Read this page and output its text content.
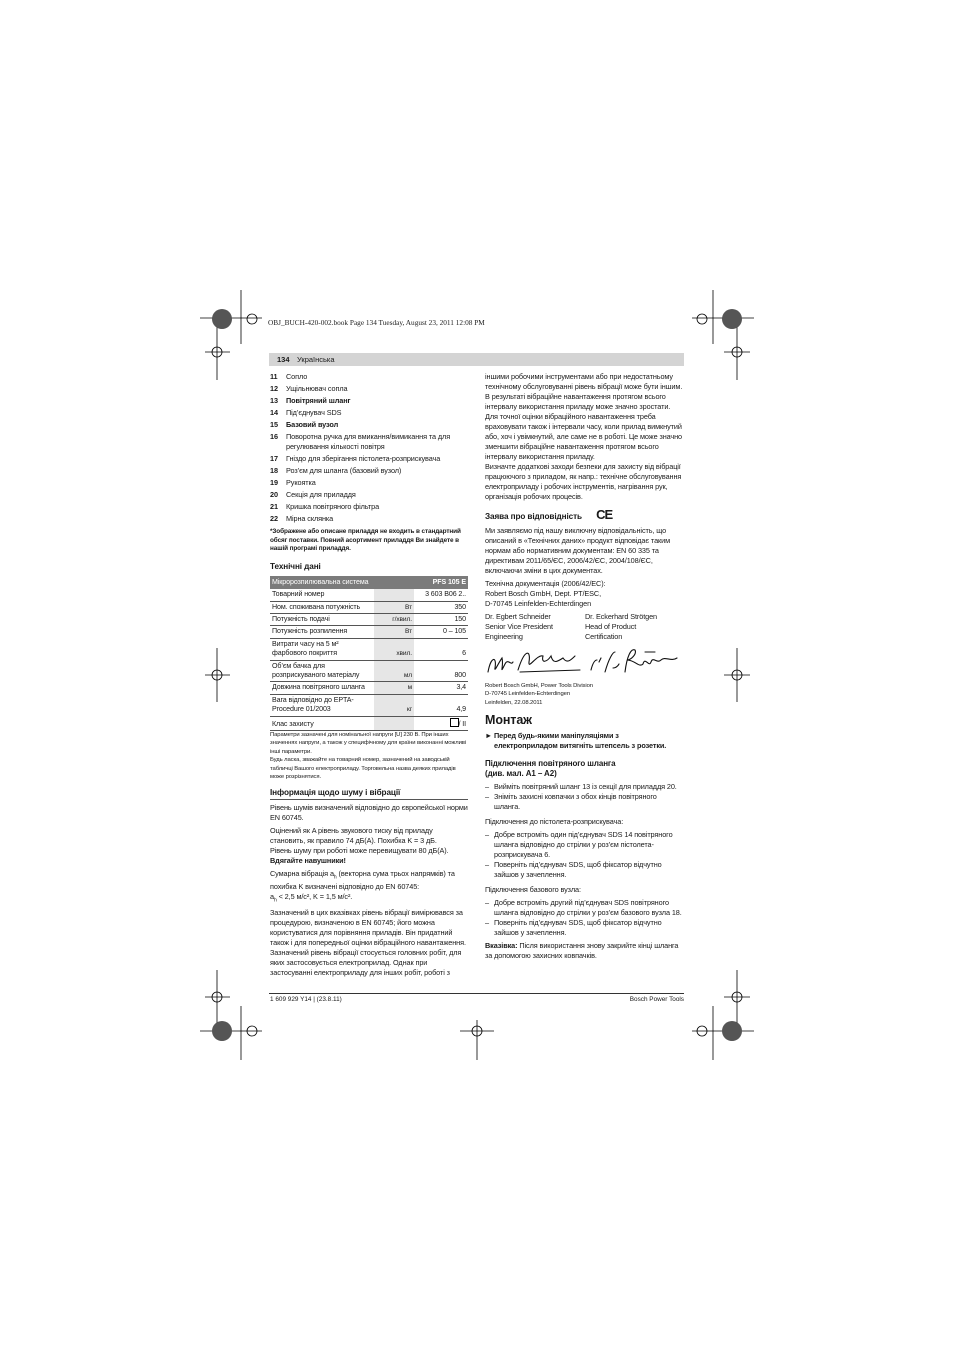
OBJ_BUCH-420-002.book Page 134 Tuesday, August 23, 2011 12:08 PM
134 Українська
11	Сопло
12	Ущільнювач сопла
13	Повітряний шланг
14	Під’єднувач SDS
15	Базовий вузол
16	Поворотна ручка для вмикання/вимикання та для регулювання кількості повітря
17	Гніздо для зберігання пістолета-розприскувача
18	Роз’єм для шланга (базовий вузол)
19	Рукоятка
20	Секція для приладдя
21	Кришка повітряного фільтра
22	Мірна склянка
*Зображене або описане приладдя не входить в стандартний обсяг поставки. Повний асортимент приладдя Ви знайдете в нашій програмі приладдя.
Технічні дані
Мікророзпилювальна система		PFS 105 E
Товарний номер		3 603 B06 2..
Ном. споживана потужність	Вт	350
Потужність подачі	г/хвил.	150
Потужність розпилення	Вт	0 – 105
Витрати часу на 5 м² фарбового покриття	хвил.	6
Об’єм бачка для розприскуваного матеріалу	мл	800
Довжина повітряного шланга	м	3,4
Вага відповідно до EPTA-Procedure 01/2003	кг	4,9
Клас захисту		/ II
Параметри зазначені для номінальної напруги [U] 230 В. При інших значеннях напруги, а також у специфічному для країни виконанні можливі інші параметри.
Будь ласка, зважайте на товарний номер, зазначений на заводській табличці Вашого електроприладу. Торговельна назва деяких приладів може розрізнятися.
Інформація щодо шуму і вібрації

Рівень шумів визначений відповідно до європейської норми EN 60745.

Оцінений як A рівень звукового тиску від приладу становить, як правило 74 дБ(A). Похибка K = 3 дБ.

Рівень шуму при роботі може перевищувати 80 дБ(A).

Вдягайте навушники!

Сумарна вібрація $a_h$ (векторна сума трьох напрямків) та похибка K визначені відповідно до EN 60745:

$a_h < 2,5$ м/с², K = 1,5 м/с².

Зазначений в цих вказівках рівень вібрації вимірювався за процедурою, визначеною в EN 60745; його можна користуватися для порівняння приладів. Він придатний також і для попередньої оцінки вібраційного навантаження.

Зазначений рівень вібрації стосується головних робіт, для яких застосовується електроприлад. Однак при застосуванні електроприладу для інших робіт, роботі з

іншими робочими інструментами або при недостатньому технічному обслуговуванні рівень вібрації може бути іншим. В результаті вібраційне навантаження протягом всього інтервалу використання приладу може значно зростати.

Для точної оцінки вібраційного навантаження треба враховувати також і інтервали часу, коли прилад вимкнутий або, хоч і увімкнутий, але саме не в роботі. Це може значно зменшити вібраційне навантаження протягом всього інтервалу використання приладу.

Визначте додаткові заходи безпеки для захисту від вібрації працюючого з приладом, як напр.: технічне обслуговування електроприладу і робочих інструментів, нагрівання рук, організація робочих процесів.

Заява про відповідність CE

Ми заявляємо під нашу виключну відповідальність, що описаний в «Технічних даних» продукт відповідає таким нормам або нормативним документам: EN 60 335 та директивам 2011/65/ЄС, 2006/42/ЄС, 2004/108/ЄС, включаючи зміни в цих документах.

Технічна документація (2006/42/EC):

Robert Bosch GmbH, Dept. PT/ESC,
D-70745 Leinfelden-Echterdingen
Dr. Egbert Schneider
Senior Vice President
Engineering
Dr. Eckerhard Strötgen
Head of Product
Certification
Robert Bosch GmbH, Power Tools Division
D-70745 Leinfelden-Echterdingen
Leinfelden, 22.08.2011
Монтаж
► Перед будь-якими маніпуляціями з електроприладом витягніть штепсель з розетки.
Підключення повітряного шланга
(див. мал. A1 – A2)
– Вийміть повітряний шланг 13 із секції для приладдя 20.
– Зніміть захисні ковпачки з обох кінців повітряного шланга.

Підключення до пістолета-розприскувача:

– Добре встроміть один під’єднувач SDS 14 повітряного шланга відповідно до стрілки у роз’єм пістолета-розприскувача 6.
– Поверніть під’єднувач SDS, щоб фіксатор відчутно зайшов у зачеплення.

Підключення базового вузла:

– Добре встроміть другий під’єднувач SDS повітряного шланга відповідно до стрілки у роз’єм базового вузла 18.
– Поверніть під’єднувач SDS, щоб фіксатор відчутно зайшов у зачеплення.

Вказівка: Після використання знову закрийте кінці шланга за допомогою захисних ковпачків.

1 609 929 Y14 | (23.8.11)	Bosch Power Tools
